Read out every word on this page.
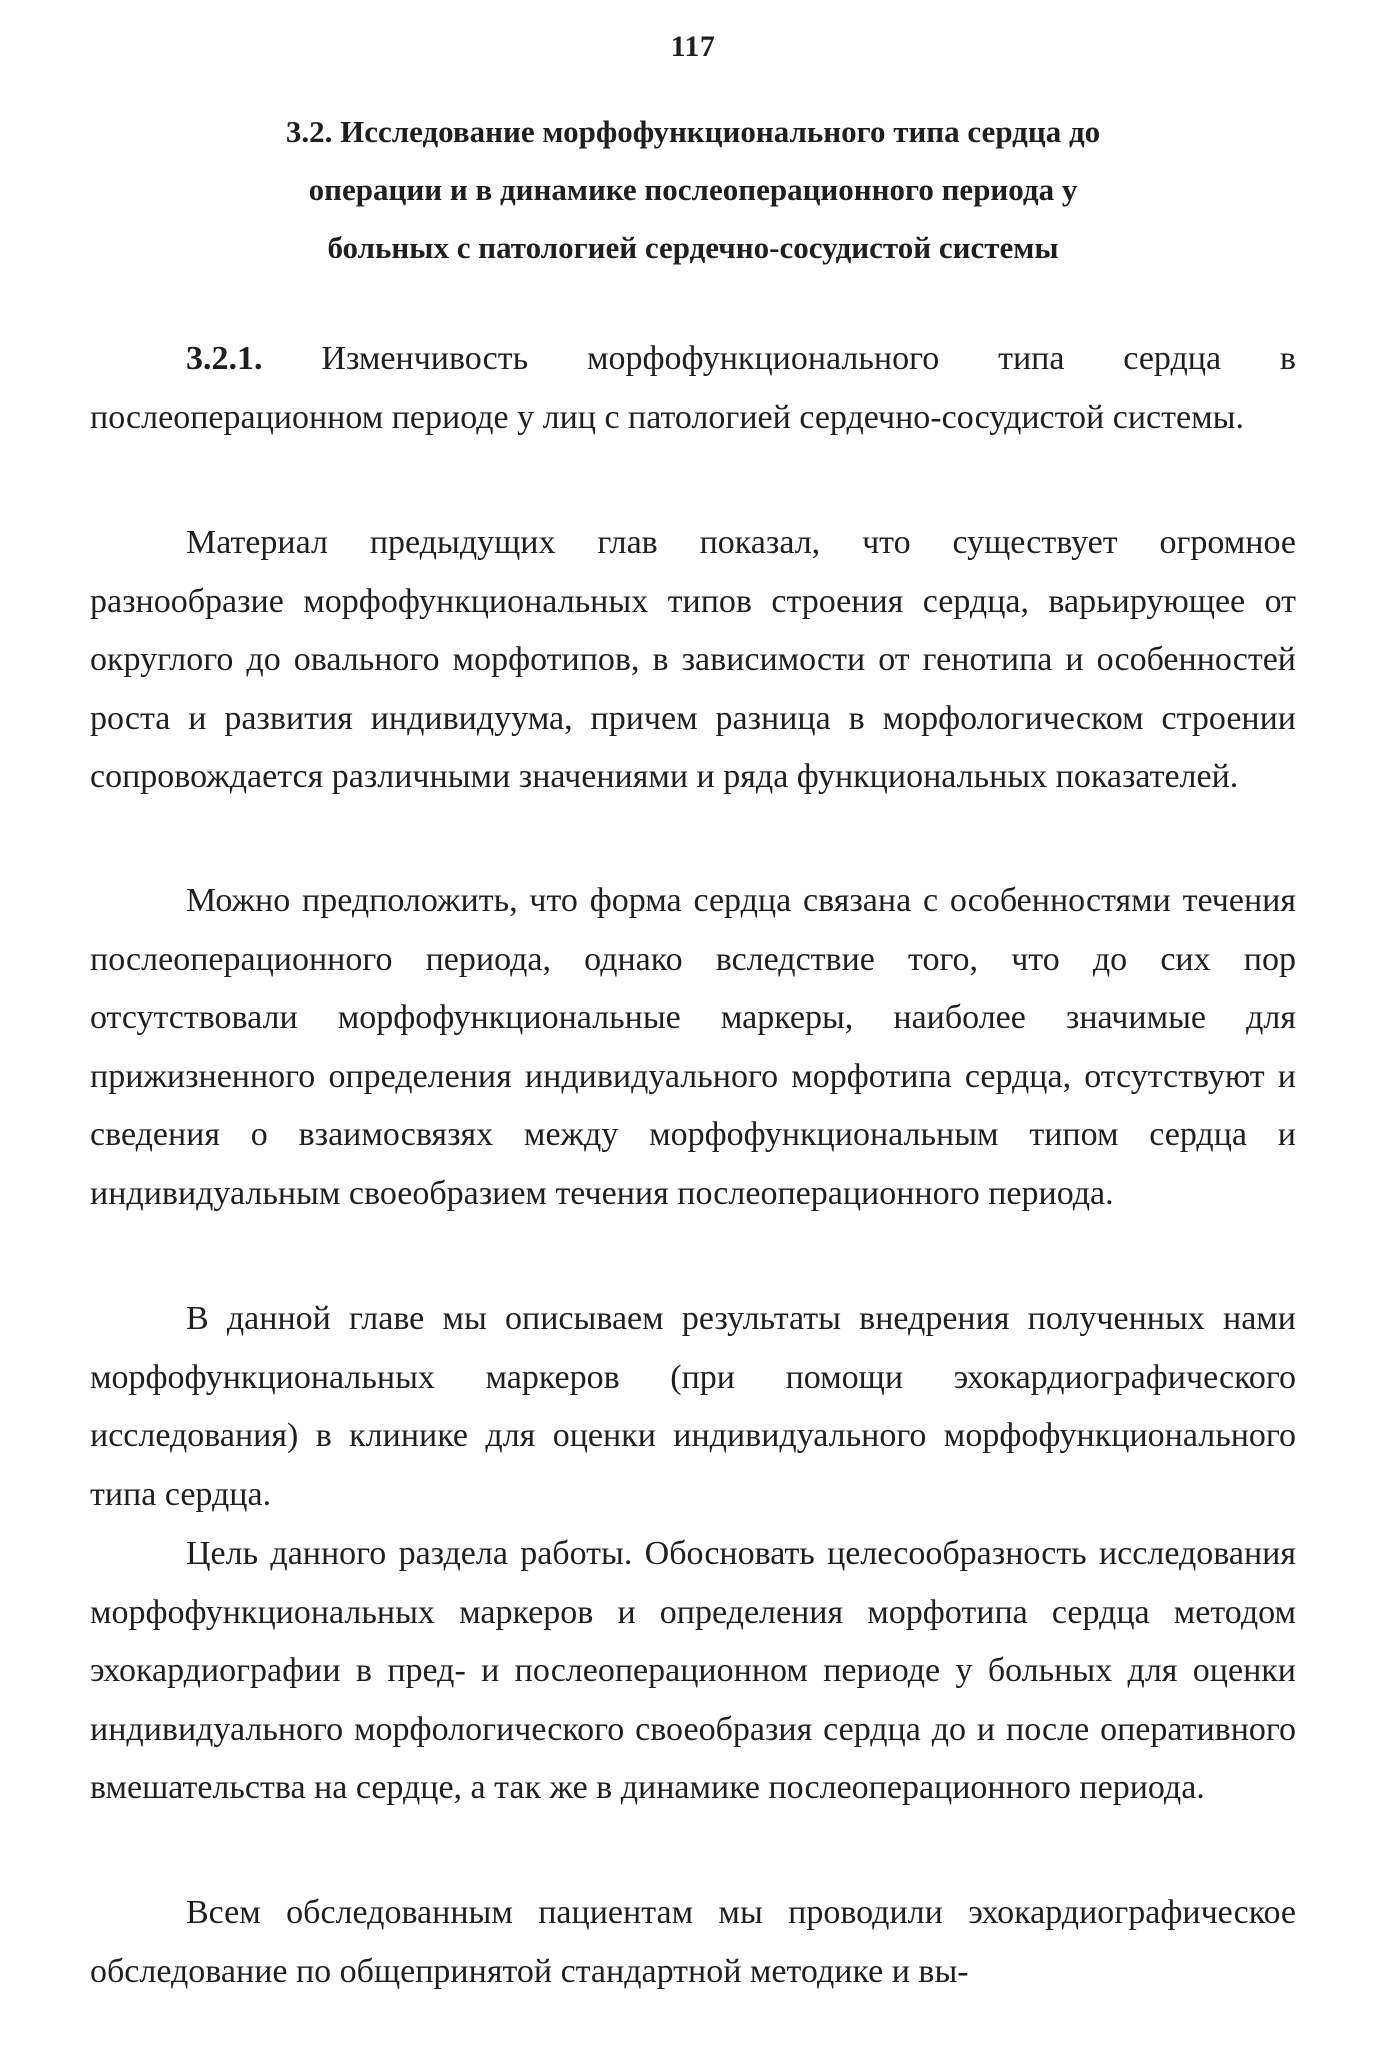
117
3.2. Исследование морфофункционального типа сердца до
операции и в динамике послеоперационного периода у
больных с патологией сердечно-сосудистой системы

3.2.1. Изменчивость морфофункционального типа сердца в послеоперационном периоде у лиц с патологией сердечно-сосудистой системы.

Материал предыдущих глав показал, что существует огромное разнообразие морфофункциональных типов строения сердца, варьирующее от округлого до овального морфотипов, в зависимости от генотипа и особенностей роста и развития индивидуума, причем разница в морфологическом строении сопровождается различными значениями и ряда функциональных показателей.

Можно предположить, что форма сердца связана с особенностями течения послеоперационного периода, однако вследствие того, что до сих пор отсутствовали морфофункциональные маркеры, наиболее значимые для прижизненного определения индивидуального морфотипа сердца, отсутствуют и сведения о взаимосвязях между морфофункциональным типом сердца и индивидуальным своеобразием течения послеоперационного периода.

В данной главе мы описываем результаты внедрения полученных нами морфофункциональных маркеров (при помощи эхокардиографического исследования) в клинике для оценки индивидуального морфофункционального типа сердца.

Цель данного раздела работы. Обосновать целесообразность исследования морфофункциональных маркеров и определения морфотипа сердца методом эхокардиографии в пред- и послеоперационном периоде у больных для оценки индивидуального морфологического своеобразия сердца до и после оперативного вмешательства на сердце, а так же в динамике послеоперационного периода.

Всем обследованным пациентам мы проводили эхокардиографическое обследование по общепринятой стандартной методике и вы-
